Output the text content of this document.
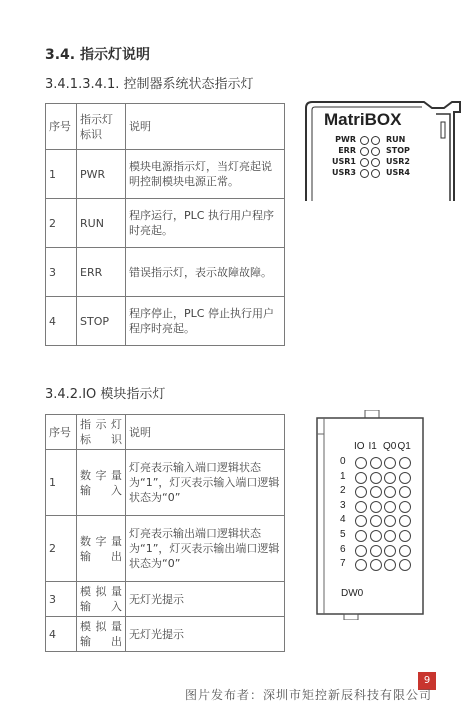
3.4. 指示灯说明
3.4.1.3.4.1. 控制器系统状态指示灯
序号	指示灯标识	说明
1	PWR	模块电源指示灯，当灯亮起说明控制模块电源正常。
2	RUN	程序运行，PLC 执行用户程序时亮起。
3	ERR	错误指示灯，表示故障故障。
4	STOP	程序停止，PLC 停止执行用户程序时亮起。
MatriBOX
PWR
ERR
USR1
USR3
RUN
STOP
USR2
USR4
3.4.2.IO 模块指示灯
序号	指示灯标识	说明
1	数字量输入	灯亮表示输入端口逻辑状态为“1”，灯灭表示输入端口逻辑状态为“0”
2	数字量输出	灯亮表示输出端口逻辑状态为“1”，灯灭表示输出端口逻辑状态为“0”
3	模拟量输入	无灯光提示
4	模拟量输出	无灯光提示
IO I1 Q0 Q1
0
1
2
3
4
5
6
7
DW0
9
图片发布者：深圳市矩控新辰科技有限公司
